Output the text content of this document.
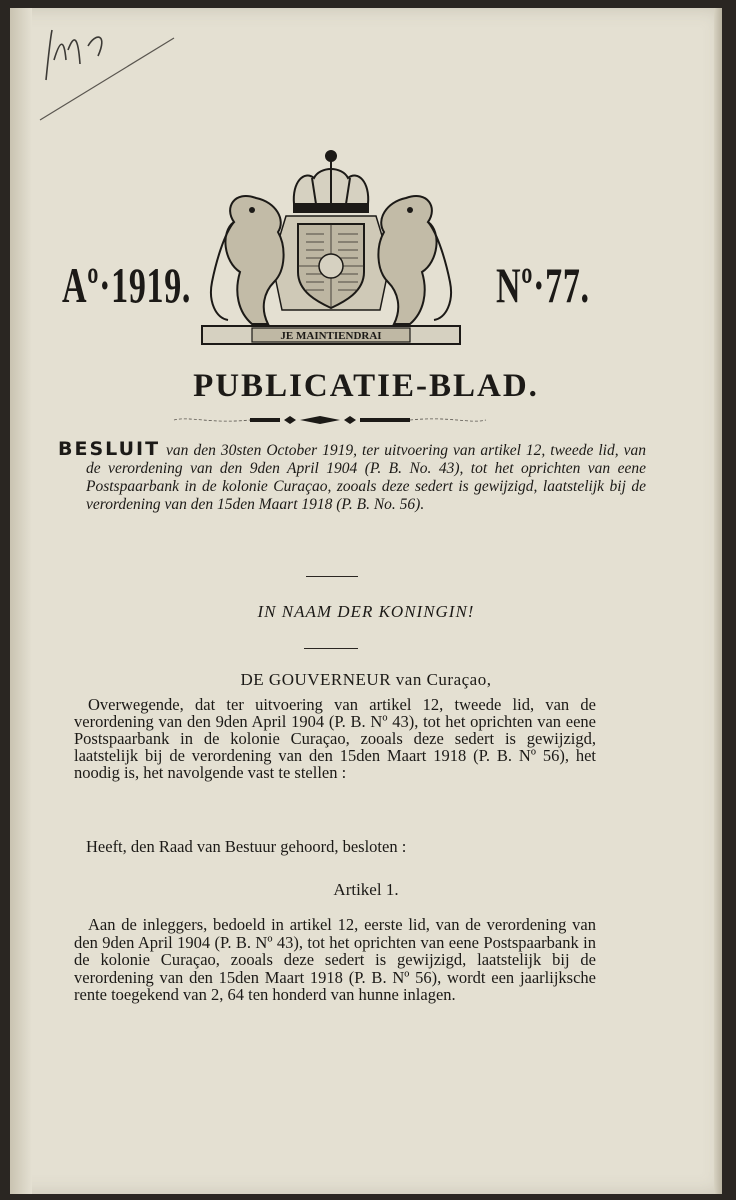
Aº·1919.	Nº·77.
JE MAINTIENDRAI
PUBLICATIE-BLAD.
BESLUIT van den 30sten October 1919, ter uitvoering van artikel 12, tweede lid, van de verordening van den 9den April 1904 (P. B. No. 43), tot het oprichten van eene Postspaarbank in de kolonie Curaçao, zooals deze sedert is gewijzigd, laatstelijk bij de verordening van den 15den Maart 1918 (P. B. No. 56).
IN NAAM DER KONINGIN!
DE GOUVERNEUR van Curaçao,
Overwegende, dat ter uitvoering van artikel 12, tweede lid, van de verordening van den 9den April 1904 (P. B. Nº 43), tot het oprichten van eene Postspaarbank in de kolonie Curaçao, zooals deze sedert is gewijzigd, laatstelijk bij de verordening van den 15den Maart 1918 (P. B. Nº 56), het noodig is, het navolgende vast te stellen :
Heeft, den Raad van Bestuur gehoord, besloten :
Artikel 1.
Aan de inleggers, bedoeld in artikel 12, eerste lid, van de verordening van den 9den April 1904 (P. B. Nº 43), tot het oprichten van eene Postspaarbank in de kolonie Curaçao, zooals deze sedert is gewijzigd, laatstelijk bij de verordening van den 15den Maart 1918 (P. B. Nº 56), wordt een jaarlijksche rente toegekend van 2, 64 ten honderd van hunne inlagen.
